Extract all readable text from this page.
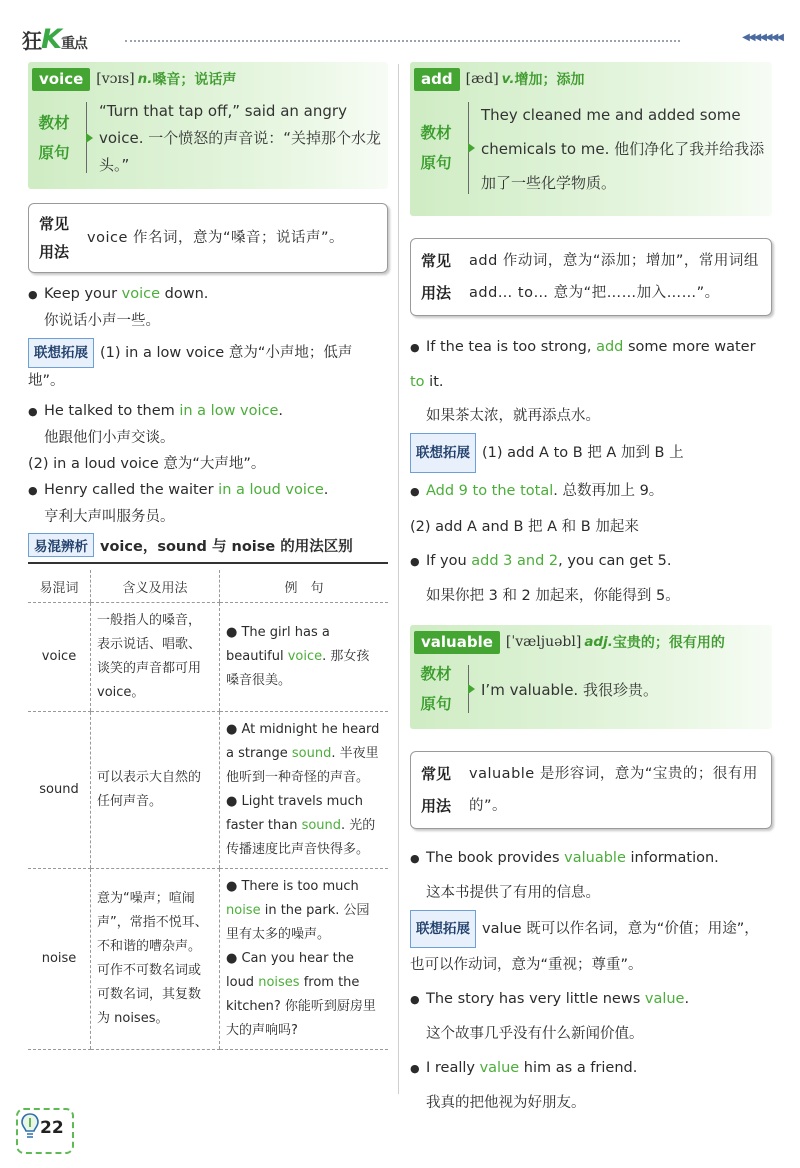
狂K重点	◀◀◀◀◀◀◀
voice [vɔɪs] n. 嗓音；说话声
教材
原句
“Turn that tap off,” said an angry voice. 一个愤怒的声音说：“关掉那个水龙头。”
常见
用法
voice 作名词，意为“嗓音；说话声”。
● Keep your voice down.
你说话小声一些。
联想拓展 (1) in a low voice 意为“小声地；低声地”。
● He talked to them in a low voice.
他跟他们小声交谈。
(2) in a loud voice 意为“大声地”。
● Henry called the waiter in a loud voice.
亨利大声叫服务员。
易混辨析 voice，sound 与 noise 的用法区别
易混词	含义及用法	例　句
voice	一般指人的嗓音，表示说话、唱歌、谈笑的声音都可用 voice。	● The girl has a beautiful voice. 那女孩嗓音很美。

sound	可以表示大自然的任何声音。	● At midnight he heard a strange sound. 半夜里他听到一种奇怪的声音。
● Light travels much faster than sound. 光的传播速度比声音快得多。

noise	意为“噪声；喧闹声”，常指不悦耳、不和谐的嘈杂声。可作不可数名词或可数名词，其复数为 noises。	● There is too much noise in the park. 公园里有太多的噪声。
● Can you hear the loud noises from the kitchen? 你能听到厨房里大的声响吗?
add [æd] v. 增加；添加
教材
原句
They cleaned me and added some chemicals to me. 他们净化了我并给我添加了一些化学物质。
常见
用法
add 作动词，意为“添加；增加”，常用词组 add… to… 意为“把……加入……”。
● If the tea is too strong, add some more water to it.
如果茶太浓，就再添点水。
联想拓展 (1) add A to B 把 A 加到 B 上
● Add 9 to the total. 总数再加上 9。
(2) add A and B 把 A 和 B 加起来
● If you add 3 and 2, you can get 5.
如果你把 3 和 2 加起来，你能得到 5。
valuable [ˈvæljuəbl] adj. 宝贵的；很有用的
教材
原句
I’m valuable. 我很珍贵。
常见
用法
valuable 是形容词，意为“宝贵的；很有用的”。
● The book provides valuable information.
这本书提供了有用的信息。
联想拓展 value 既可以作名词，意为“价值；用途”，也可以作动词，意为“重视；尊重”。
● The story has very little news value.
这个故事几乎没有什么新闻价值。
● I really value him as a friend.
我真的把他视为好朋友。
22
